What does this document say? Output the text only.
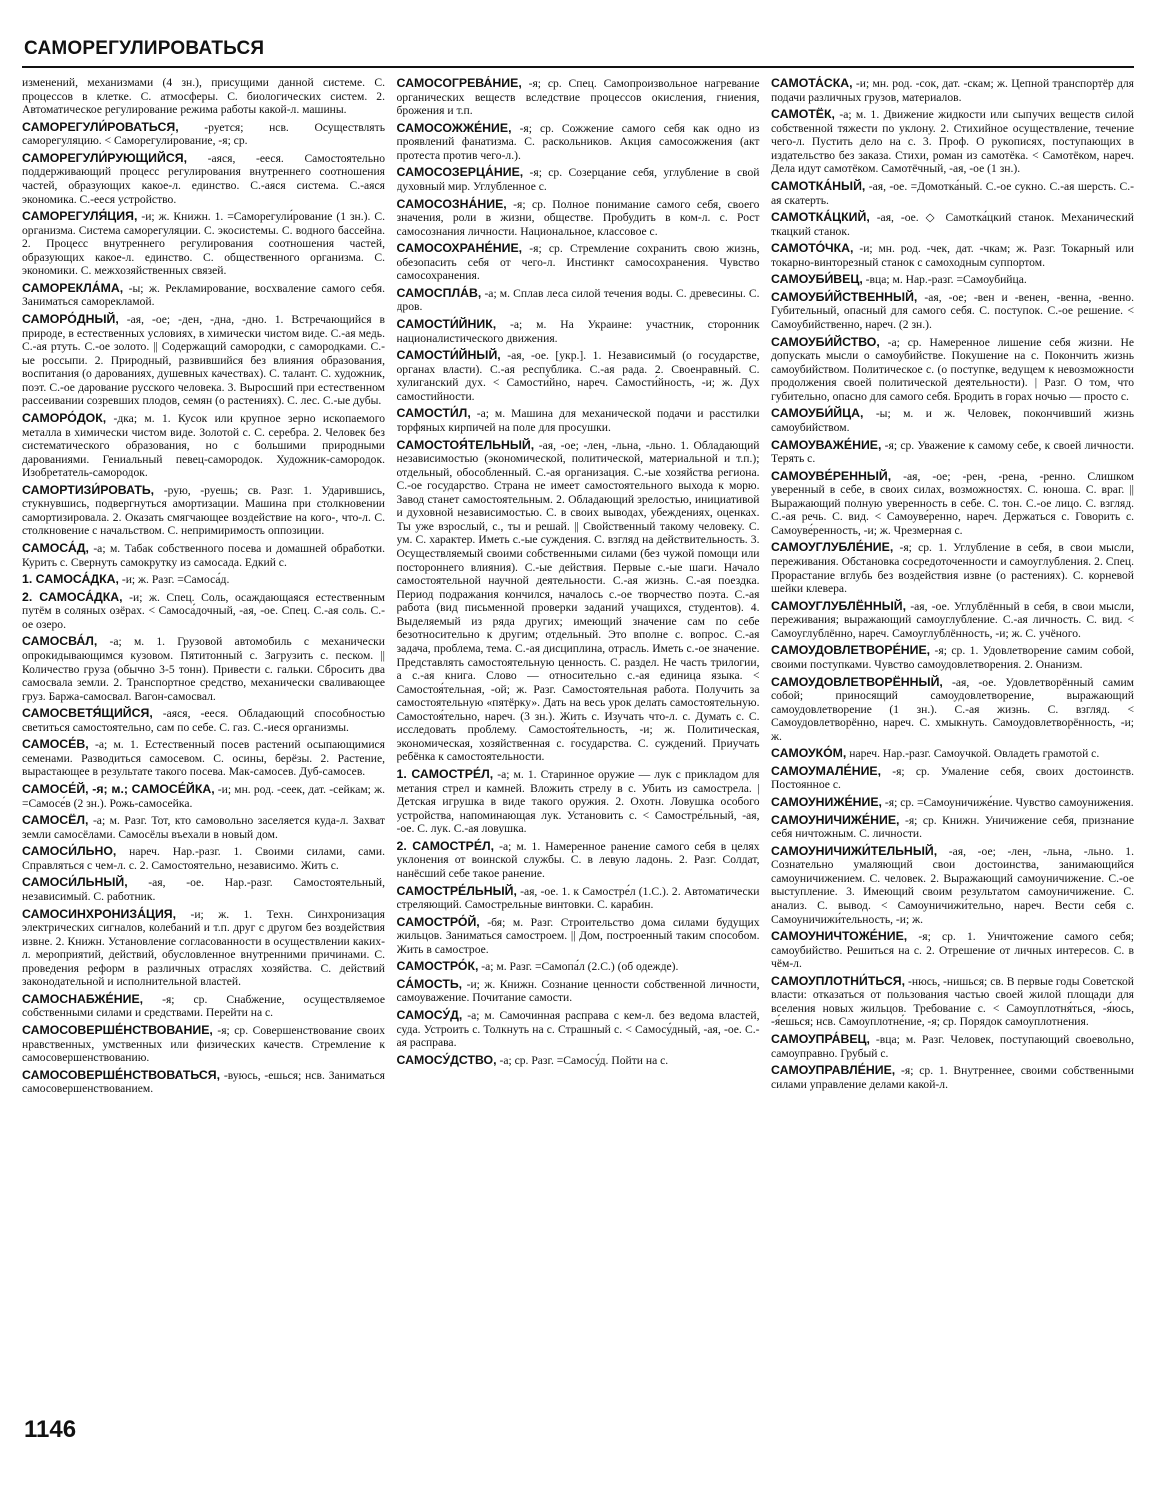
САМОРЕГУЛИРОВАТЬСЯ

изменений, механизмами (4 зн.), присущими данной системе. С. процессов в клетке. С. атмосферы. С. биологических систем. 2. Автоматическое регулирование режима работы какой-л. машины.

САМОРЕГУЛИ́РОВАТЬСЯ, -руется; нсв. Осуществлять саморегуляцию. < Саморегули́рование, -я; ср.

САМОРЕГУЛИ́РУЮЩИЙСЯ, -аяся, -ееся. Самостоятельно поддерживающий процесс регулирования внутреннего соотношения частей, образующих какое-л. единство. С.-аяся система. С.-аяся экономика. С.-ееся устройство.

САМОРЕГУЛЯ́ЦИЯ, -и; ж. Книжн. 1. =Саморегули́рование (1 зн.). С. организма. Система саморегуляции. С. экосистемы. С. водного бассейна. 2. Процесс внутреннего регулирования соотношения частей, образующих какое-л. единство. С. общественного организма. С. экономики. С. межхозяйственных связей.

САМОРЕКЛА́МА, -ы; ж. Рекламирование, восхваление самого себя. Заниматься саморекламой.

САМОРО́ДНЫЙ, -ая, -ое; -ден, -дна, -дно. 1. Встречающийся в природе, в естественных условиях, в химически чистом виде. С.-ая медь. С.-ая ртуть. С.-ое золото. || Содержащий самородки, с самородками. С.-ые россыпи. 2. Природный, развившийся без влияния образования, воспитания (о дарованиях, душевных качествах). С. талант. С. художник, поэт. С.-ое дарование русского человека. 3. Выросший при естественном рассеивании созревших плодов, семян (о растениях). С. лес. С.-ые дубы.

САМОРО́ДОК, -дка; м. 1. Кусок или крупное зерно ископаемого металла в химически чистом виде. Золотой с. С. серебра. 2. Человек без систематического образования, но с большими природными дарованиями. Гениальный певец-самородок. Художник-самородок. Изобретатель-самородок.

САМОРТИЗИ́РОВАТЬ, -рую, -руешь; св. Разг. 1. Ударившись, стукнувшись, подвергнуться амортизации. Машина при столкновении самортизировала. 2. Оказать смягчающее воздействие на кого-, что-л. С. столкновение с начальством. С. непримиримость оппозиции.

САМОСА́Д, -а; м. Табак собственного посева и домашней обработки. Курить с. Свернуть самокрутку из самосада. Едкий с.

1. САМОСА́ДКА, -и; ж. Разг. =Самоса́д.

2. САМОСА́ДКА, -и; ж. Спец. Соль, осаждающаяся естественным путём в соляных озёрах. < Самоса́дочный, -ая, -ое. Спец. С.-ая соль. С.-ое озеро.

САМОСВА́Л, -а; м. 1. Грузовой автомобиль с механически опрокидывающимся кузовом. Пятитонный с. Загрузить с. песком. || Количество груза (обычно 3-5 тонн). Привести с. гальки. Сбросить два самосвала земли. 2. Транспортное средство, механически сваливающее груз. Баржа-самосвал. Вагон-самосвал.

САМОСВЕТЯ́ЩИЙСЯ, -аяся, -ееся. Обладающий способностью светиться самостоятельно, сам по себе. С. газ. С.-иеся организмы.

САМОСЕ́В, -а; м. 1. Естественный посев растений осыпающимися семенами. Разводиться самосевом. С. осины, берёзы. 2. Растение, вырастающее в результате такого посева. Мак-самосев. Дуб-самосев.

САМОСЕ́Й, -я; м.; САМОСЕ́ЙКА, -и; мн. род. -сеек, дат. -сейкам; ж. =Самосе́в (2 зн.). Рожь-самосейка.

САМОСЁЛ, -а; м. Разг. Тот, кто самовольно заселяется куда-л. Захват земли самосёлами. Самосёлы въехали в новый дом.

САМОСИ́ЛЬНО, нареч. Нар.-разг. 1. Своими силами, сами. Справляться с чем-л. с. 2. Самостоятельно, независимо. Жить с.

САМОСИ́ЛЬНЫЙ, -ая, -ое. Нар.-разг. Самостоятельный, независимый. С. работник.

САМОСИНХРОНИЗА́ЦИЯ, -и; ж. 1. Техн. Синхронизация электрических сигналов, колебаний и т.п. друг с другом без воздействия извне. 2. Книжн. Установление согласованности в осуществлении каких-л. мероприятий, действий, обусловленное внутренними причинами. С. проведения реформ в различных отраслях хозяйства. С. действий законодательной и исполнительной властей.

САМОСНАБЖЕ́НИЕ, -я; ср. Снабжение, осуществляемое собственными силами и средствами. Перейти на с.

САМОСОВЕРШЕ́НСТВОВАНИЕ, -я; ср. Совершенствование своих нравственных, умственных или физических качеств. Стремление к самосовершенствованию.

САМОСОВЕРШЕ́НСТВОВАТЬСЯ, -вуюсь, -ешься; нсв. Заниматься самосовершенствованием.

САМОСОГРЕВА́НИЕ, -я; ср. Спец. Самопроизвольное нагревание органических веществ вследствие процессов окисления, гниения, брожения и т.п.

САМОСОЖЖЕ́НИЕ, -я; ср. Сожжение самого себя как одно из проявлений фанатизма. С. раскольников. Акция самосожжения (акт протеста против чего-л.).

САМОСОЗЕРЦА́НИЕ, -я; ср. Созерцание себя, углубление в свой духовный мир. Углубленное с.

САМОСОЗНА́НИЕ, -я; ср. Полное понимание самого себя, своего значения, роли в жизни, обществе. Пробудить в ком-л. с. Рост самосознания личности. Национальное, классовое с.

САМОСОХРАНЕ́НИЕ, -я; ср. Стремление сохранить свою жизнь, обезопасить себя от чего-л. Инстинкт самосохранения. Чувство самосохранения.

САМОСПЛА́В, -а; м. Сплав леса силой течения воды. С. древесины. С. дров.

САМОСТИ́ЙНИК, -а; м. На Украине: участник, сторонник националистического движения.

САМОСТИ́ЙНЫЙ, -ая, -ое. [укр.]. 1. Независимый (о государстве, органах власти). С.-ая республика. С.-ая рада. 2. Своенравный. С. хулиганский дух. < Самости́йно, нареч. Самости́йность, -и; ж. Дух самостийности.

САМОСТИ́Л, -а; м. Машина для механической подачи и расстилки торфяных кирпичей на поле для просушки.

САМОСТОЯ́ТЕЛЬНЫЙ, -ая, -ое; -лен, -льна, -льно. 1. Обладающий независимостью (экономической, политической, материальной и т.п.); отдельный, обособленный. С.-ая организация. С.-ые хозяйства региона. С.-ое государство. Страна не имеет самостоятельного выхода к морю. Завод станет самостоятельным. 2. Обладающий зрелостью, инициативой и духовной независимостью. С. в своих выводах, убеждениях, оценках. Ты уже взрослый, с., ты и решай. || Свойственный такому человеку. С. ум. С. характер. Иметь с.-ые суждения. С. взгляд на действительность. 3. Осуществляемый своими собственными силами (без чужой помощи или постороннего влияния). С.-ые действия. Первые с.-ые шаги. Начало самостоятельной научной деятельности. С.-ая жизнь. С.-ая поездка. Период подражания кончился, началось с.-ое творчество поэта. С.-ая работа (вид письменной проверки заданий учащихся, студентов). 4. Выделяемый из ряда других; имеющий значение сам по себе безотносительно к другим; отдельный. Это вполне с. вопрос. С.-ая задача, проблема, тема. С.-ая дисциплина, отрасль. Иметь с.-ое значение. Представлять самостоятельную ценность. С. раздел. Не часть трилогии, а с.-ая книга. Слово — относительно с.-ая единица языка. < Самостоя́тельная, -ой; ж. Разг. Самостоятельная работа. Получить за самостоятельную «пятёрку». Дать на весь урок делать самостоятельную. Самостоя́тельно, нареч. (3 зн.). Жить с. Изучать что-л. с. Думать с. С. исследовать проблему. Самостоя́тельность, -и; ж. Политическая, экономическая, хозяйственная с. государства. С. суждений. Приучать ребёнка к самостоятельности.

1. САМОСТРЕ́Л, -а; м. 1. Старинное оружие — лук с прикладом для метания стрел и камней. Вложить стрелу в с. Убить из самострела. | Детская игрушка в виде такого оружия. 2. Охотн. Ловушка особого устройства, напоминающая лук. Установить с. < Самостре́льный, -ая, -ое. С. лук. С.-ая ловушка.

2. САМОСТРЕ́Л, -а; м. 1. Намеренное ранение самого себя в целях уклонения от воинской службы. С. в левую ладонь. 2. Разг. Солдат, нанёсший себе такое ранение.

САМОСТРЕ́ЛЬНЫЙ, -ая, -ое. 1. к Самостре́л (1.С.). 2. Автоматически стреляющий. Самострельные винтовки. С. карабин.

САМОСТРО́Й, -бя; м. Разг. Строительство дома силами будущих жильцов. Заниматься самостроем. || Дом, построенный таким способом. Жить в самострое.

САМОСТРО́К, -а; м. Разг. =Самопа́л (2.С.) (об одежде).

СА́МОСТЬ, -и; ж. Книжн. Сознание ценности собственной личности, самоуважение. Почитание самости.

САМОСУ́Д, -а; м. Самочинная расправа с кем-л. без ведома властей, суда. Устроить с. Толкнуть на с. Страшный с. < Самосу́дный, -ая, -ое. С.-ая расправа.

САМОСУ́ДСТВО, -а; ср. Разг. =Самосу́д. Пойти на с.

САМОТА́СКА, -и; мн. род. -сок, дат. -скам; ж. Цепной транспортёр для подачи различных грузов, материалов.

САМОТЁК, -а; м. 1. Движение жидкости или сыпучих веществ силой собственной тяжести по уклону. 2. Стихийное осуществление, течение чего-л. Пустить дело на с. 3. Проф. О рукописях, поступающих в издательство без заказа. Стихи, роман из самотёка. < Самотёком, нареч. Дела идут самотёком. Самотёчный, -ая, -ое (1 зн.).

САМОТКА́НЫЙ, -ая, -ое. =Домотка́ный. С.-ое сукно. С.-ая шерсть. С.-ая скатерть.

САМОТКА́ЦКИЙ, -ая, -ое. ◇ Самотка́цкий станок. Механический ткацкий станок.

САМОТО́ЧКА, -и; мн. род. -чек, дат. -чкам; ж. Разг. Токарный или токарно-винторезный станок с самоходным суппортом.

САМОУБИ́ВЕЦ, -вца; м. Нар.-разг. =Самоубийца.

САМОУБИ́ЙСТВЕННЫЙ, -ая, -ое; -вен и -венен, -венна, -венно. Губительный, опасный для самого себя. С. поступок. С.-ое решение. < Самоубийственно, нареч. (2 зн.).

САМОУБИ́ЙСТВО, -а; ср. Намеренное лишение себя жизни. Не допускать мысли о самоубийстве. Покушение на с. Покончить жизнь самоубийством. Политическое с. (о поступке, ведущем к невозможности продолжения своей политической деятельности). | Разг. О том, что губительно, опасно для самого себя. Бродить в горах ночью — просто с.

САМОУБИ́ЙЦА, -ы; м. и ж. Человек, покончивший жизнь самоубийством.

САМОУВАЖЕ́НИЕ, -я; ср. Уважение к самому себе, к своей личности. Терять с.

САМОУВЕ́РЕННЫЙ, -ая, -ое; -рен, -рена, -ренно. Слишком уверенный в себе, в своих силах, возможностях. С. юноша. С. враг. || Выражающий полную уверенность в себе. С. тон. С.-ое лицо. С. взгляд. С.-ая речь. С. вид. < Самоуве́ренно, нареч. Держаться с. Говорить с. Самоуве́ренность, -и; ж. Чрезмерная с.

САМОУГЛУБЛЕ́НИЕ, -я; ср. 1. Углубление в себя, в свои мысли, переживания. Обстановка сосредоточенности и самоуглубления. 2. Спец. Прорастание вглубь без воздействия извне (о растениях). С. корневой шейки клевера.

САМОУГЛУБЛЁННЫЙ, -ая, -ое. Углублённый в себя, в свои мысли, переживания; выражающий самоуглубление. С.-ая личность. С. вид. < Самоуглублённо, нареч. Самоуглублённость, -и; ж. С. учёного.

САМОУДОВЛЕТВОРЕ́НИЕ, -я; ср. 1. Удовлетворение самим собой, своими поступками. Чувство самоудовлетворения. 2. Онанизм.

САМОУДОВЛЕТВОРЁННЫЙ, -ая, -ое. Удовлетворённый самим собой; приносящий самоудовлетворение, выражающий самоудовлетворение (1 зн.). С.-ая жизнь. С. взгляд. < Самоудовлетворённо, нареч. С. хмыкнуть. Самоудовлетворённость, -и; ж.

САМОУКО́М, нареч. Нар.-разг. Самоучкой. Овладеть грамотой с.

САМОУМАЛЕ́НИЕ, -я; ср. Умаление себя, своих достоинств. Постоянное с.

САМОУНИЖЕ́НИЕ, -я; ср. =Самоуничиже́ние. Чувство самоунижения.

САМОУНИЧИЖЕ́НИЕ, -я; ср. Книжн. Уничижение себя, признание себя ничтожным. С. личности.

САМОУНИЧИЖИ́ТЕЛЬНЫЙ, -ая, -ое; -лен, -льна, -льно. 1. Сознательно умаляющий свои достоинства, занимающийся самоуничижением. С. человек. 2. Выражающий самоуничижение. С.-ое выступление. 3. Имеющий своим результатом самоуничижение. С. анализ. С. вывод. < Самоуничижи́тельно, нареч. Вести себя с. Самоуничижи́тельность, -и; ж.

САМОУНИЧТОЖЕ́НИЕ, -я; ср. 1. Уничтожение самого себя; самоубийство. Решиться на с. 2. Отрешение от личных интересов. С. в чём-л.

САМОУПЛОТНИ́ТЬСЯ, -нюсь, -нишься; св. В первые годы Советской власти: отказаться от пользования частью своей жилой площади для вселения новых жильцов. Требование с. < Самоуплотня́ться, -я́юсь, -я́ешься; нсв. Самоуплотне́ние, -я; ср. Порядок самоуплотнения.

САМОУПРА́ВЕЦ, -вца; м. Разг. Человек, поступающий своевольно, самоуправно. Грубый с.

САМОУПРАВЛЕ́НИЕ, -я; ср. 1. Внутреннее, своими собственными силами управление делами какой-л.

1146
